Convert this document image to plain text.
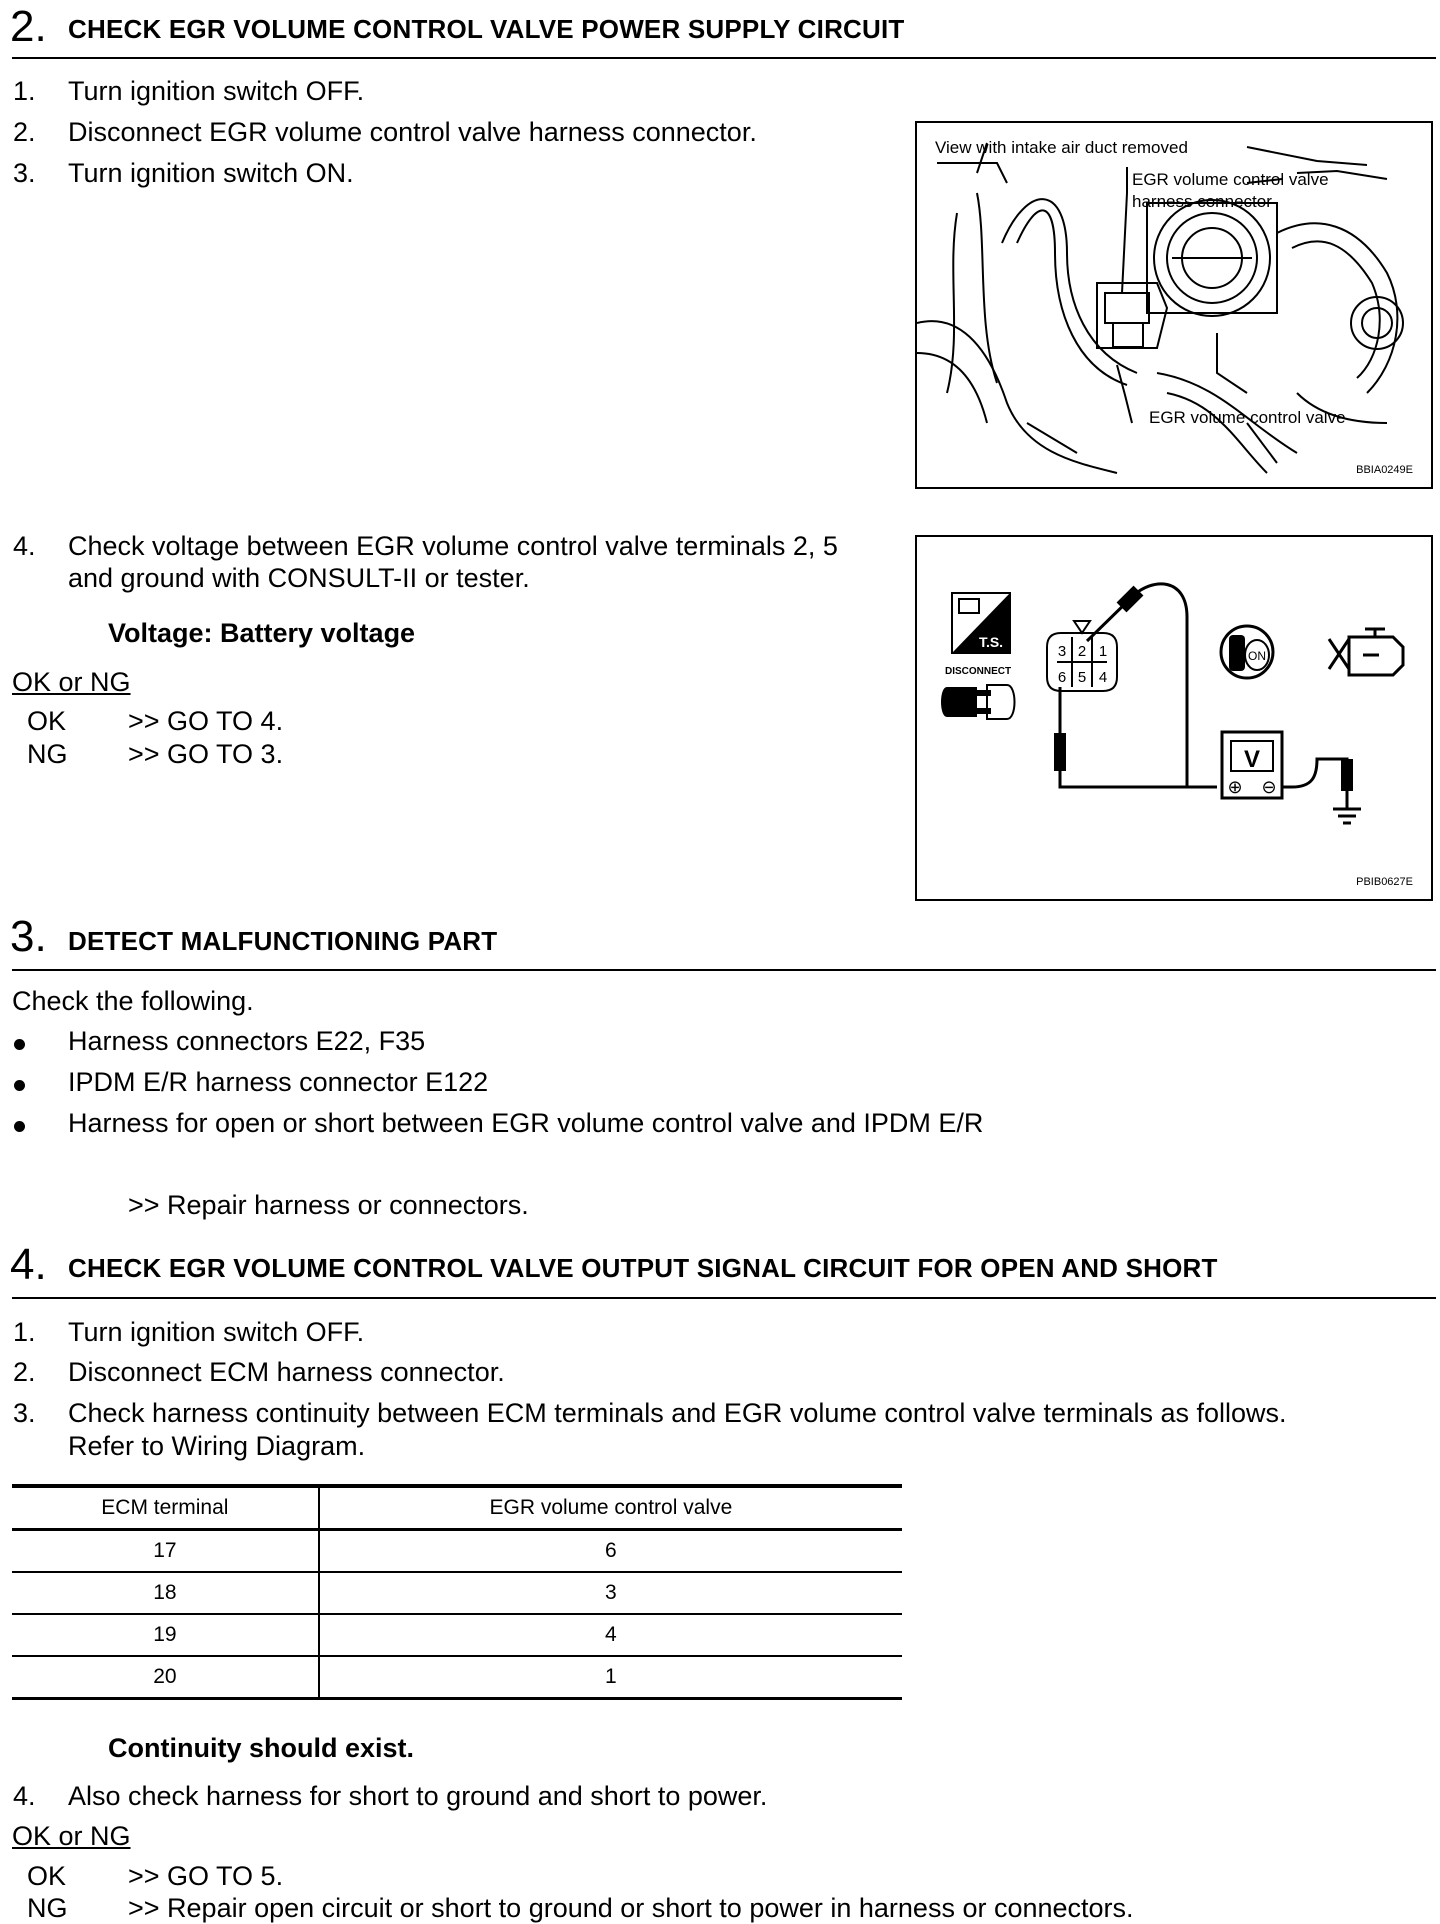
2. CHECK EGR VOLUME CONTROL VALVE POWER SUPPLY CIRCUIT
1. Turn ignition switch OFF.
2. Disconnect EGR volume control valve harness connector.
3. Turn ignition switch ON.
View with intake air duct removed
EGR volume control valve
harness connector
EGR volume control valve
BBIA0249E
4. Check voltage between EGR volume control valve terminals 2, 5
and ground with CONSULT-II or tester.
Voltage: Battery voltage
OK or NG
OK >> GO TO 4.
NG >> GO TO 3.
T.S.
DISCONNECT
3 2 1
6 5 4
V
⊕ ⊖
ON
PBIB0627E
3. DETECT MALFUNCTIONING PART
Check the following.
Harness connectors E22, F35
IPDM E/R harness connector E122
Harness for open or short between EGR volume control valve and IPDM E/R
>> Repair harness or connectors.
4. CHECK EGR VOLUME CONTROL VALVE OUTPUT SIGNAL CIRCUIT FOR OPEN AND SHORT
1. Turn ignition switch OFF.
2. Disconnect ECM harness connector.
3. Check harness continuity between ECM terminals and EGR volume control valve terminals as follows.
Refer to Wiring Diagram.
ECM terminal	EGR volume control valve
17	6
18	3
19	4
20	1
Continuity should exist.
4. Also check harness for short to ground and short to power.
OK or NG
OK >> GO TO 5.
NG >> Repair open circuit or short to ground or short to power in harness or connectors.
